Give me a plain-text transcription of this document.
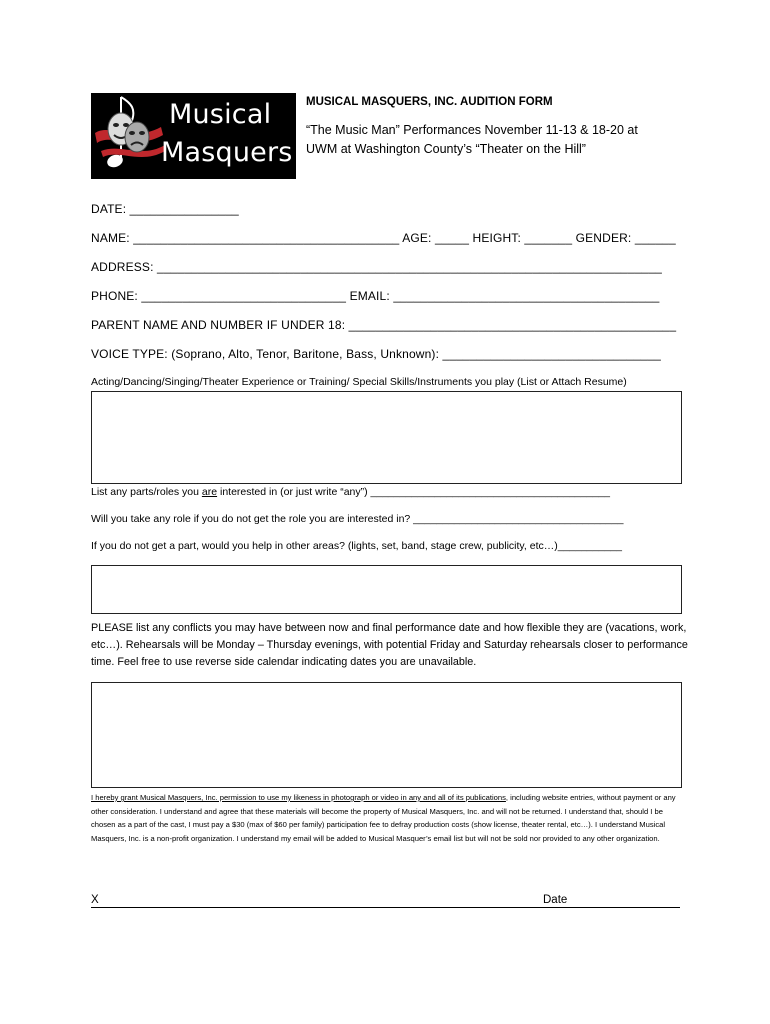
Musical
Masquers
MUSICAL MASQUERS, INC. AUDITION FORM
“The Music Man” Performances November 11-13 & 18-20 at
UWM at Washington County’s “Theater on the Hill”
DATE: ________________
NAME: _______________________________________ AGE: _____ HEIGHT: _______ GENDER: ______
ADDRESS: __________________________________________________________________________
PHONE: ______________________________ EMAIL: _______________________________________
PARENT NAME AND NUMBER IF UNDER 18: ________________________________________________
VOICE TYPE: (Soprano, Alto, Tenor, Baritone, Bass, Unknown): ________________________________
Acting/Dancing/Singing/Theater Experience or Training/ Special Skills/Instruments you play (List or Attach Resume)
List any parts/roles you are interested in (or just write “any”) _________________________________________
Will you take any role if you do not get the role you are interested in? ____________________________________
If you do not get a part, would you help in other areas? (lights, set, band, stage crew, publicity, etc…)___________
PLEASE list any conflicts you may have between now and final performance date and how flexible they are (vacations, work, etc…). Rehearsals will be Monday – Thursday evenings, with potential Friday and Saturday rehearsals closer to performance time. Feel free to use reverse side calendar indicating dates you are unavailable.
I hereby grant Musical Masquers, Inc. permission to use my likeness in photograph or video in any and all of its publications, including website entries, without payment or any other consideration. I understand and agree that these materials will become the property of Musical Masquers, Inc. and will not be returned. I understand that, should I be chosen as a part of the cast, I must pay a $30 (max of $60 per family) participation fee to defray production costs (show license, theater rental, etc…). I understand Musical Masquers, Inc. is a non-profit organization. I understand my email will be added to Musical Masquer’s email list but will not be sold nor provided to any other organization.
X	Date
